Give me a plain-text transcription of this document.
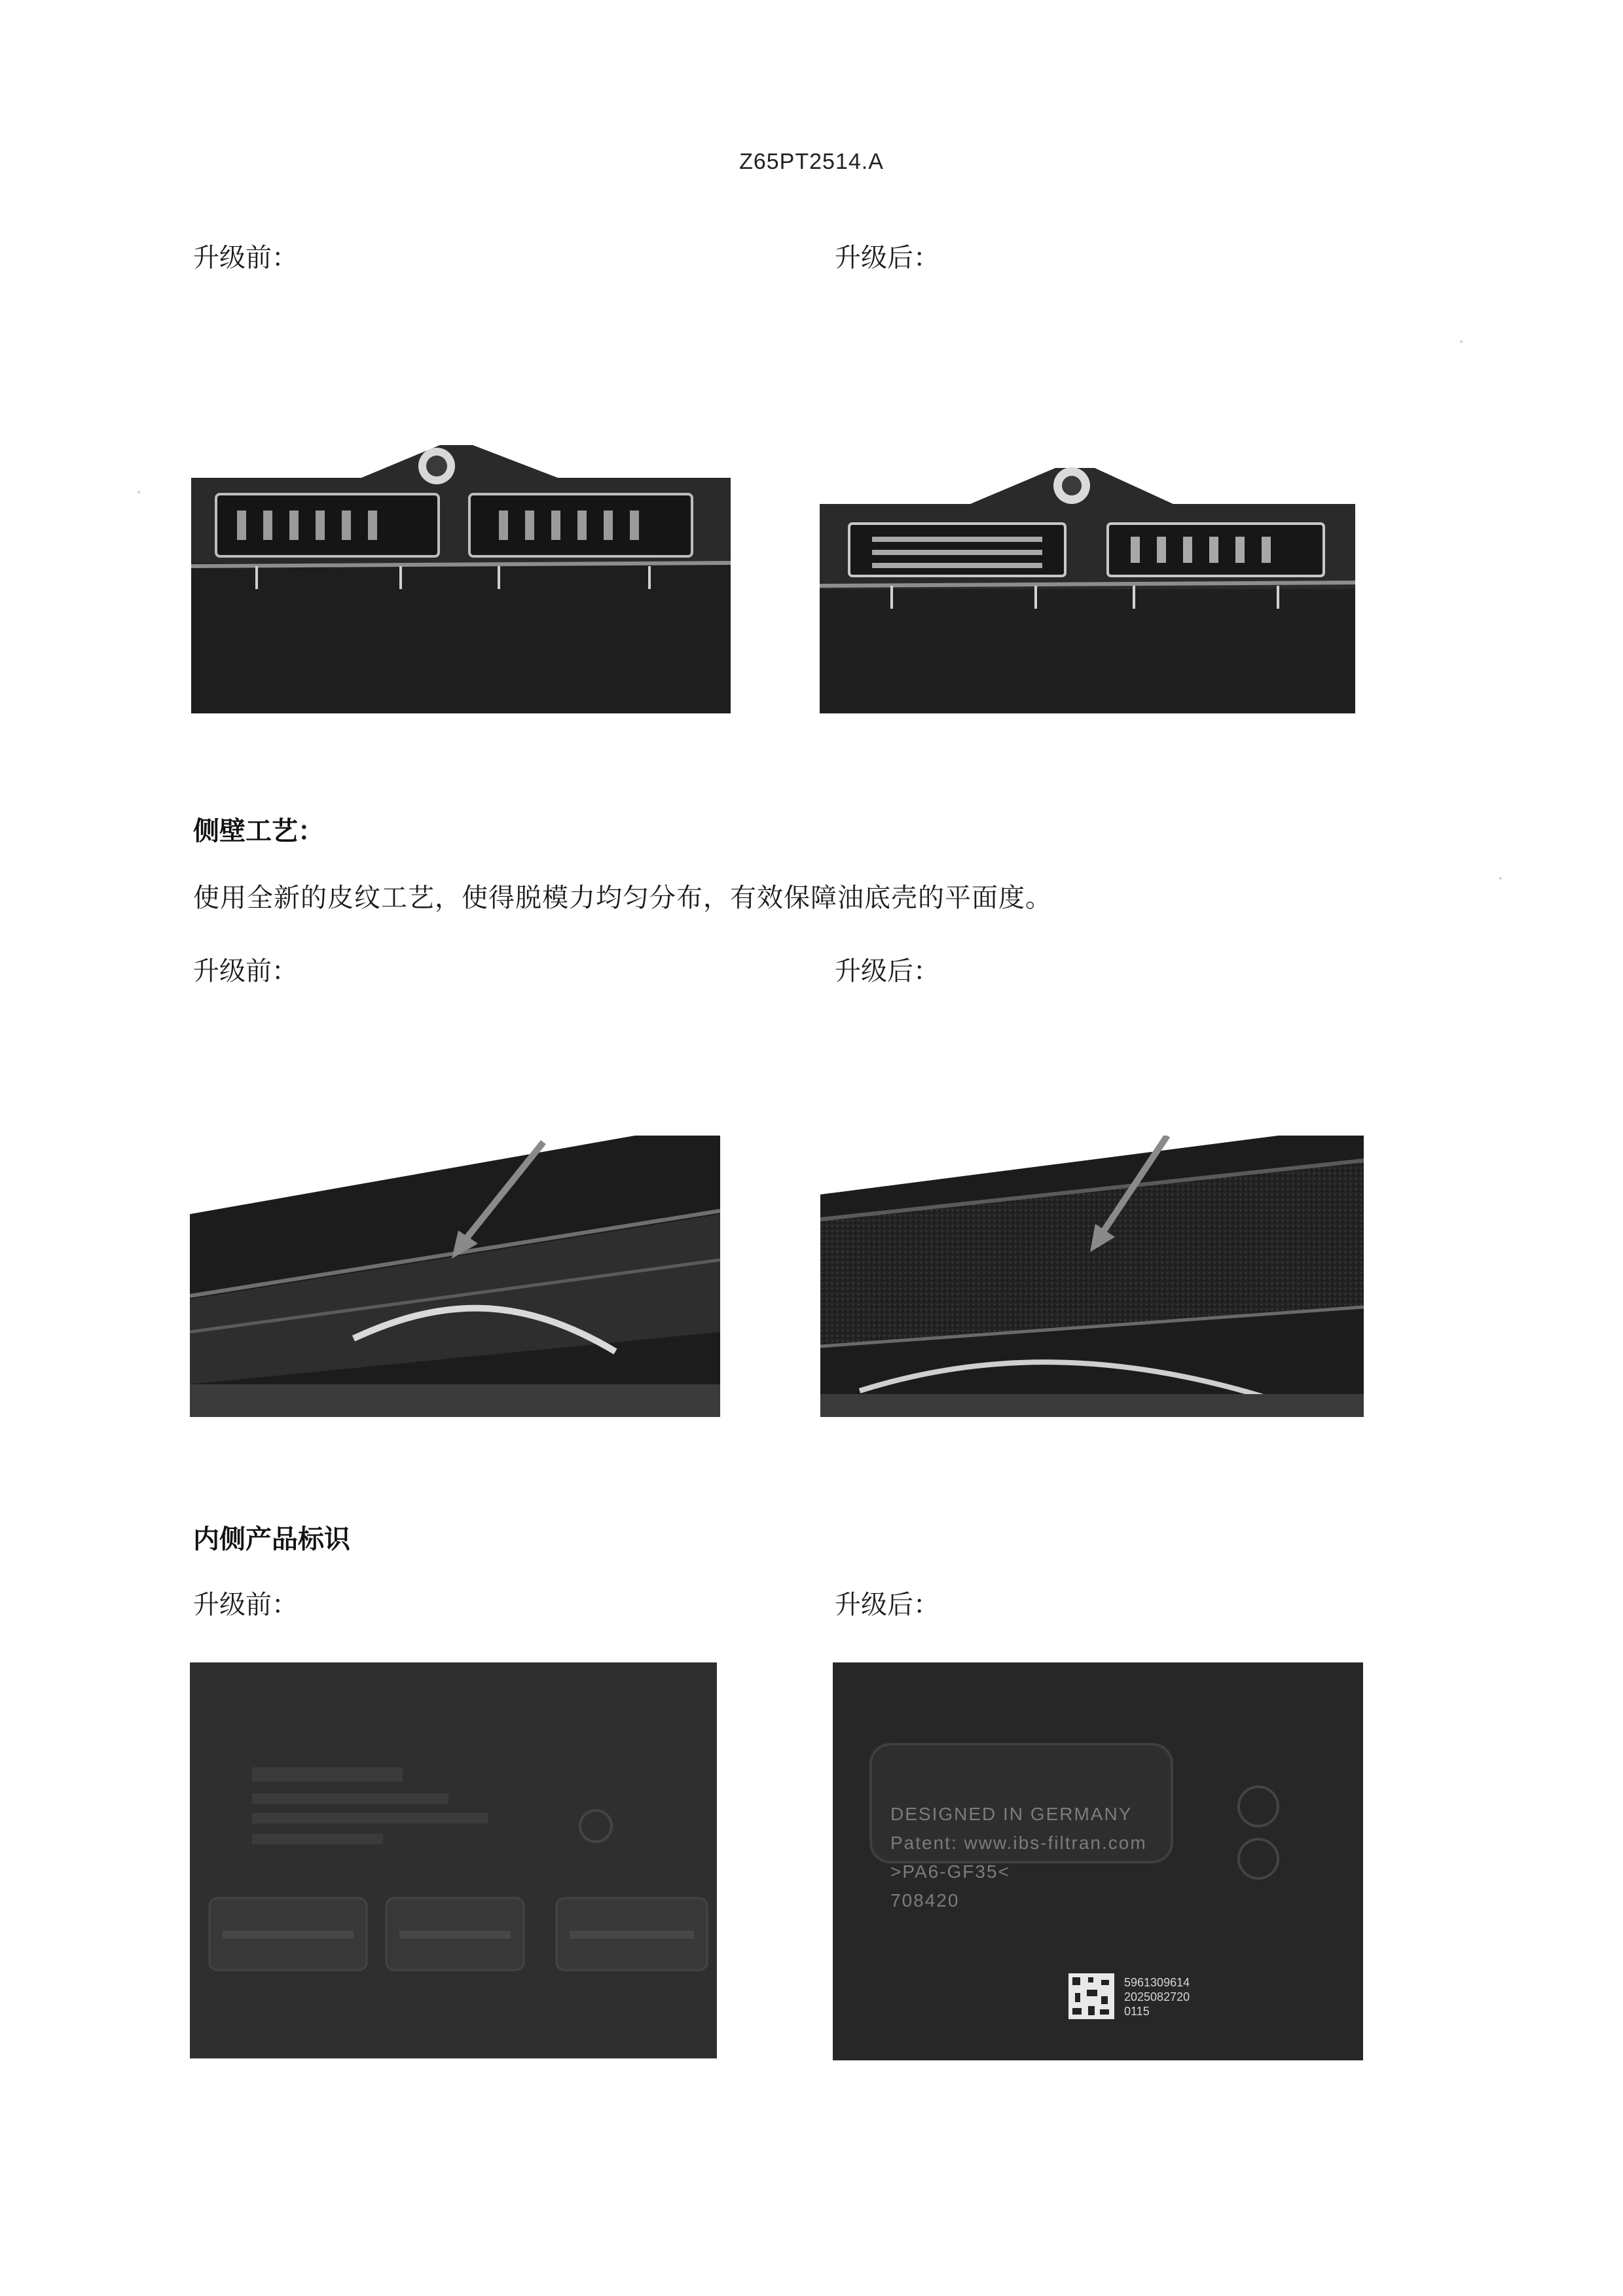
Z65PT2514.A
升级前：	升级后：
侧壁工艺：
使用全新的皮纹工艺，使得脱模力均匀分布，有效保障油底壳的平面度。
升级前：	升级后：
内侧产品标识
升级前：	升级后：
DESIGNED IN GERMANY
Patent: www.ibs-filtran.com
>PA6-GF35<
708420
5961309614
2025082720
0115
